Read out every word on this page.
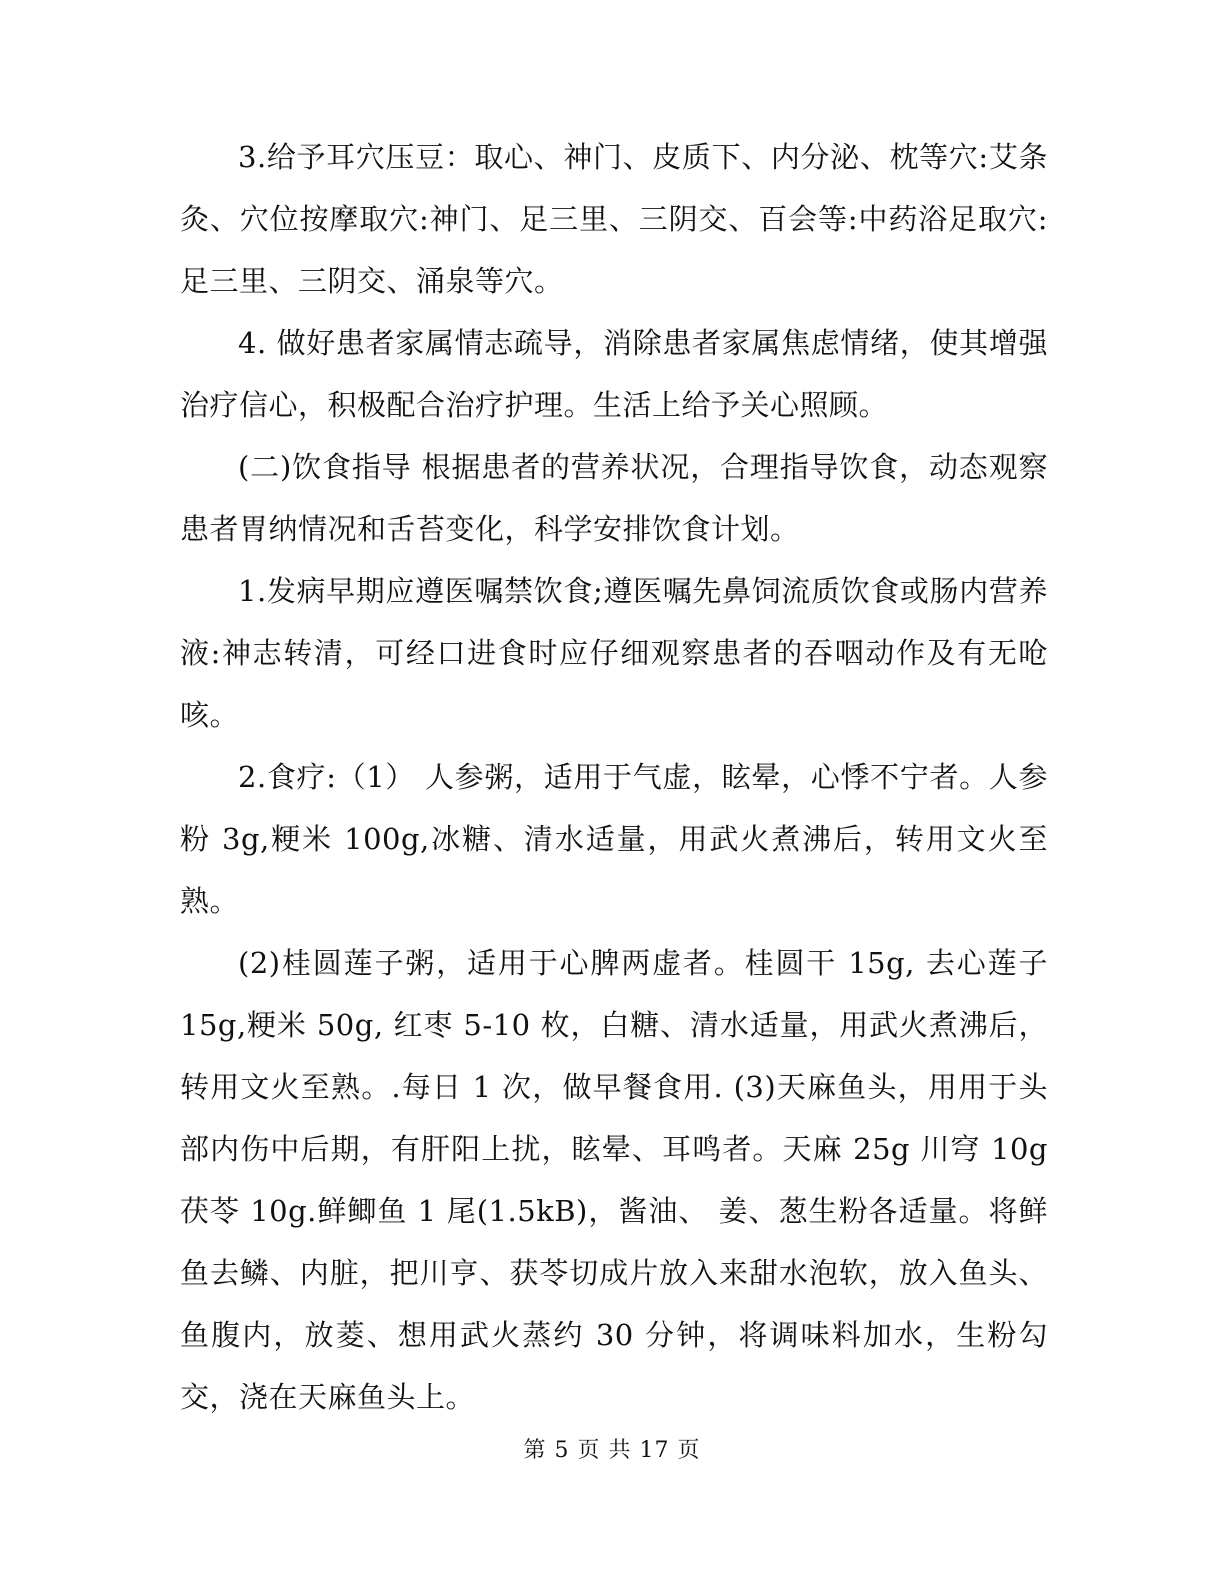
3.给予耳穴压豆：取心、神门、皮质下、内分泌、枕等穴:艾条灸、穴位按摩取穴:神门、足三里、三阴交、百会等:中药浴足取穴:足三里、三阴交、涌泉等穴。

4. 做好患者家属情志疏导，消除患者家属焦虑情绪，使其增强治疗信心，积极配合治疗护理。生活上给予关心照顾。

(二)饮食指导 根据患者的营养状况，合理指导饮食，动态观察患者胃纳情况和舌苔变化，科学安排饮食计划。

1.发病早期应遵医嘱禁饮食;遵医嘱先鼻饲流质饮食或肠内营养液:神志转清，可经口进食时应仔细观察患者的吞咽动作及有无呛咳。

2.食疗:（1） 人参粥，适用于气虚，眩晕，心悸不宁者。人参粉 3g,粳米 100g,冰糖、清水适量，用武火煮沸后，转用文火至熟。

(2)桂圆莲子粥，适用于心脾两虚者。桂圆干 15g, 去心莲子 15g,粳米 50g, 红枣 5-10 枚，白糖、清水适量，用武火煮沸后，转用文火至熟。.每日 1 次，做早餐食用. (3)天麻鱼头，用用于头部内伤中后期，有肝阳上扰，眩晕、耳鸣者。天麻 25g 川穹 10g 茯苓 10g.鲜鲫鱼 1 尾(1.5kB)，酱油、 姜、葱生粉各适量。将鲜鱼去鳞、内脏，把川亨、获苓切成片放入来甜水泡软，放入鱼头、鱼腹内，放菱、想用武火蒸约 30 分钟，将调味料加水，生粉勾交，浇在天麻鱼头上。

第 5 页 共 17 页
